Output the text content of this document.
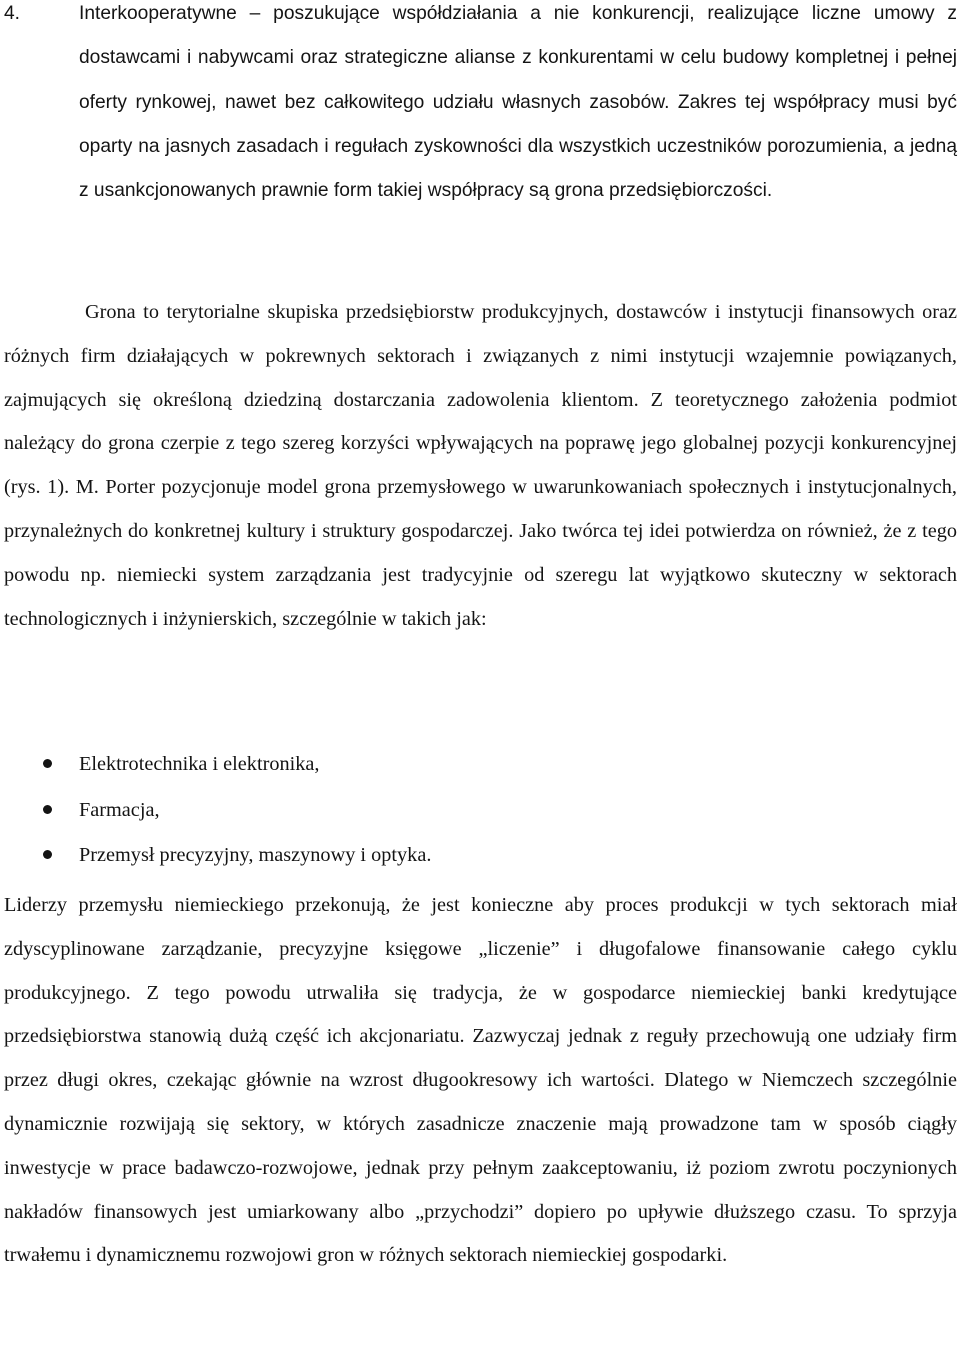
4.	Interkooperatywne – poszukujące współdziałania a nie konkurencji, realizujące liczne umowy z dostawcami i nabywcami oraz strategiczne alianse z konkurentami w celu budowy kompletnej i pełnej oferty rynkowej, nawet bez całkowitego udziału własnych zasobów. Zakres tej współpracy musi być oparty na jasnych zasadach i regułach zyskowności dla wszystkich uczestników porozumienia, a jedną z usankcjonowanych prawnie form takiej współpracy są grona przedsiębiorczości.

Grona to terytorialne skupiska przedsiębiorstw produkcyjnych, dostawców i instytucji finansowych oraz różnych firm działających w pokrewnych sektorach i związanych z nimi instytucji wzajemnie powiązanych, zajmujących się określoną dziedziną dostarczania zadowolenia klientom. Z teoretycznego założenia podmiot należący do grona czerpie z tego szereg korzyści wpływających na poprawę jego globalnej pozycji konkurencyjnej (rys. 1). M. Porter pozycjonuje model grona przemysłowego w uwarunkowaniach społecznych i instytucjonalnych, przynależnych do konkretnej kultury i struktury gospodarczej. Jako twórca tej idei potwierdza on również, że z tego powodu np. niemiecki system zarządzania jest tradycyjnie od szeregu lat wyjątkowo skuteczny w sektorach technologicznych i inżynierskich, szczególnie w takich jak:

Elektrotechnika i elektronika,
Farmacja,
Przemysł precyzyjny, maszynowy i optyka.

Liderzy przemysłu niemieckiego przekonują, że jest konieczne aby proces produkcji w tych sektorach miał zdyscyplinowane zarządzanie, precyzyjne księgowe „liczenie” i długofalowe finansowanie całego cyklu produkcyjnego. Z tego powodu utrwaliła się tradycja, że w gospodarce niemieckiej banki kredytujące przedsiębiorstwa stanowią dużą część ich akcjonariatu. Zazwyczaj jednak z reguły przechowują one udziały firm przez długi okres, czekając głównie na wzrost długookresowy ich wartości. Dlatego w Niemczech szczególnie dynamicznie rozwijają się sektory, w których zasadnicze znaczenie mają prowadzone tam w sposób ciągły inwestycje w prace badawczo-rozwojowe, jednak przy pełnym zaakceptowaniu, iż poziom zwrotu poczynionych nakładów finansowych jest umiarkowany albo „przychodzi” dopiero po upływie dłuższego czasu. To sprzyja trwałemu i dynamicznemu rozwojowi gron w różnych sektorach niemieckiej gospodarki.
